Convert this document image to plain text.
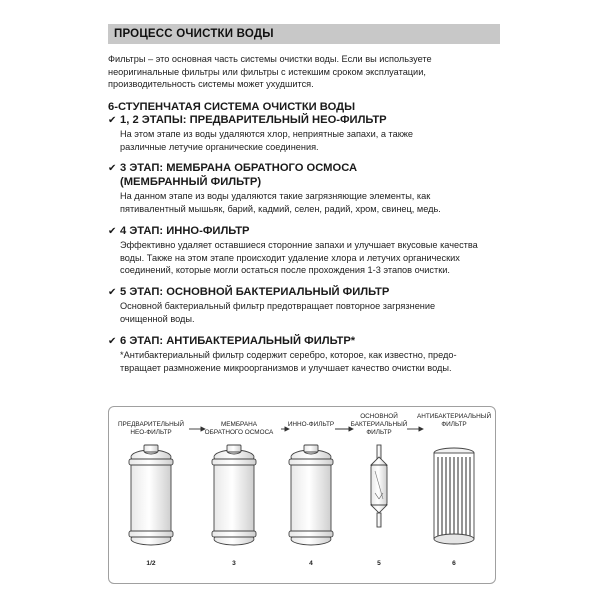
ПРОЦЕСС ОЧИСТКИ ВОДЫ
Фильтры – это основная часть системы очистки воды. Если вы используете
неоригинальные фильтры или фильтры с истекшим сроком эксплуатации,
производительность системы может ухудшится.
6-СТУПЕНЧАТАЯ СИСТЕМА ОЧИСТКИ ВОДЫ
✔ 1, 2 ЭТАПЫ: ПРЕДВАРИТЕЛЬНЫЙ НЕО-ФИЛЬТР
На этом этапе из воды удаляются хлор, неприятные запахи, а также
различные летучие органические соединения.
✔ 3 ЭТАП: МЕМБРАНА ОБРАТНОГО ОСМОСА
(МЕМБРАННЫЙ ФИЛЬТР)
На данном этапе из воды удаляются такие загрязняющие элементы, как
пятивалентный мышьяк, барий, кадмий, селен, радий, хром, свинец, медь.
✔ 4 ЭТАП: ИННО-ФИЛЬТР
Эффективно удаляет оставшиеся сторонние запахи и улучшает вкусовые качества
воды. Также на этом этапе происходит удаление хлора и летучих органических
соединений, которые могли остаться после прохождения 1-3 этапов очистки.
✔ 5 ЭТАП: ОСНОВНОЙ БАКТЕРИАЛЬНЫЙ ФИЛЬТР
Основной бактериальный фильтр предотвращает повторное загрязнение
очищенной воды.
✔ 6 ЭТАП: АНТИБАКТЕРИАЛЬНЫЙ ФИЛЬТР*
*Антибактериальный фильтр содержит серебро, которое, как известно, предо-
твращает размножение микроорганизмов и улучшает качество очистки воды.
ПРЕДВАРИТЕЛЬНЫЙ
НЕО-ФИЛЬТР
МЕМБРАНА
ОБРАТНОГО ОСМОСА
ИННО-ФИЛЬТР
ОСНОВНОЙ
БАКТЕРИАЛЬНЫЙ
ФИЛЬТР
АНТИБАКТЕРИАЛЬНЫЙ
ФИЛЬТР
1/2	3	4	5	6
